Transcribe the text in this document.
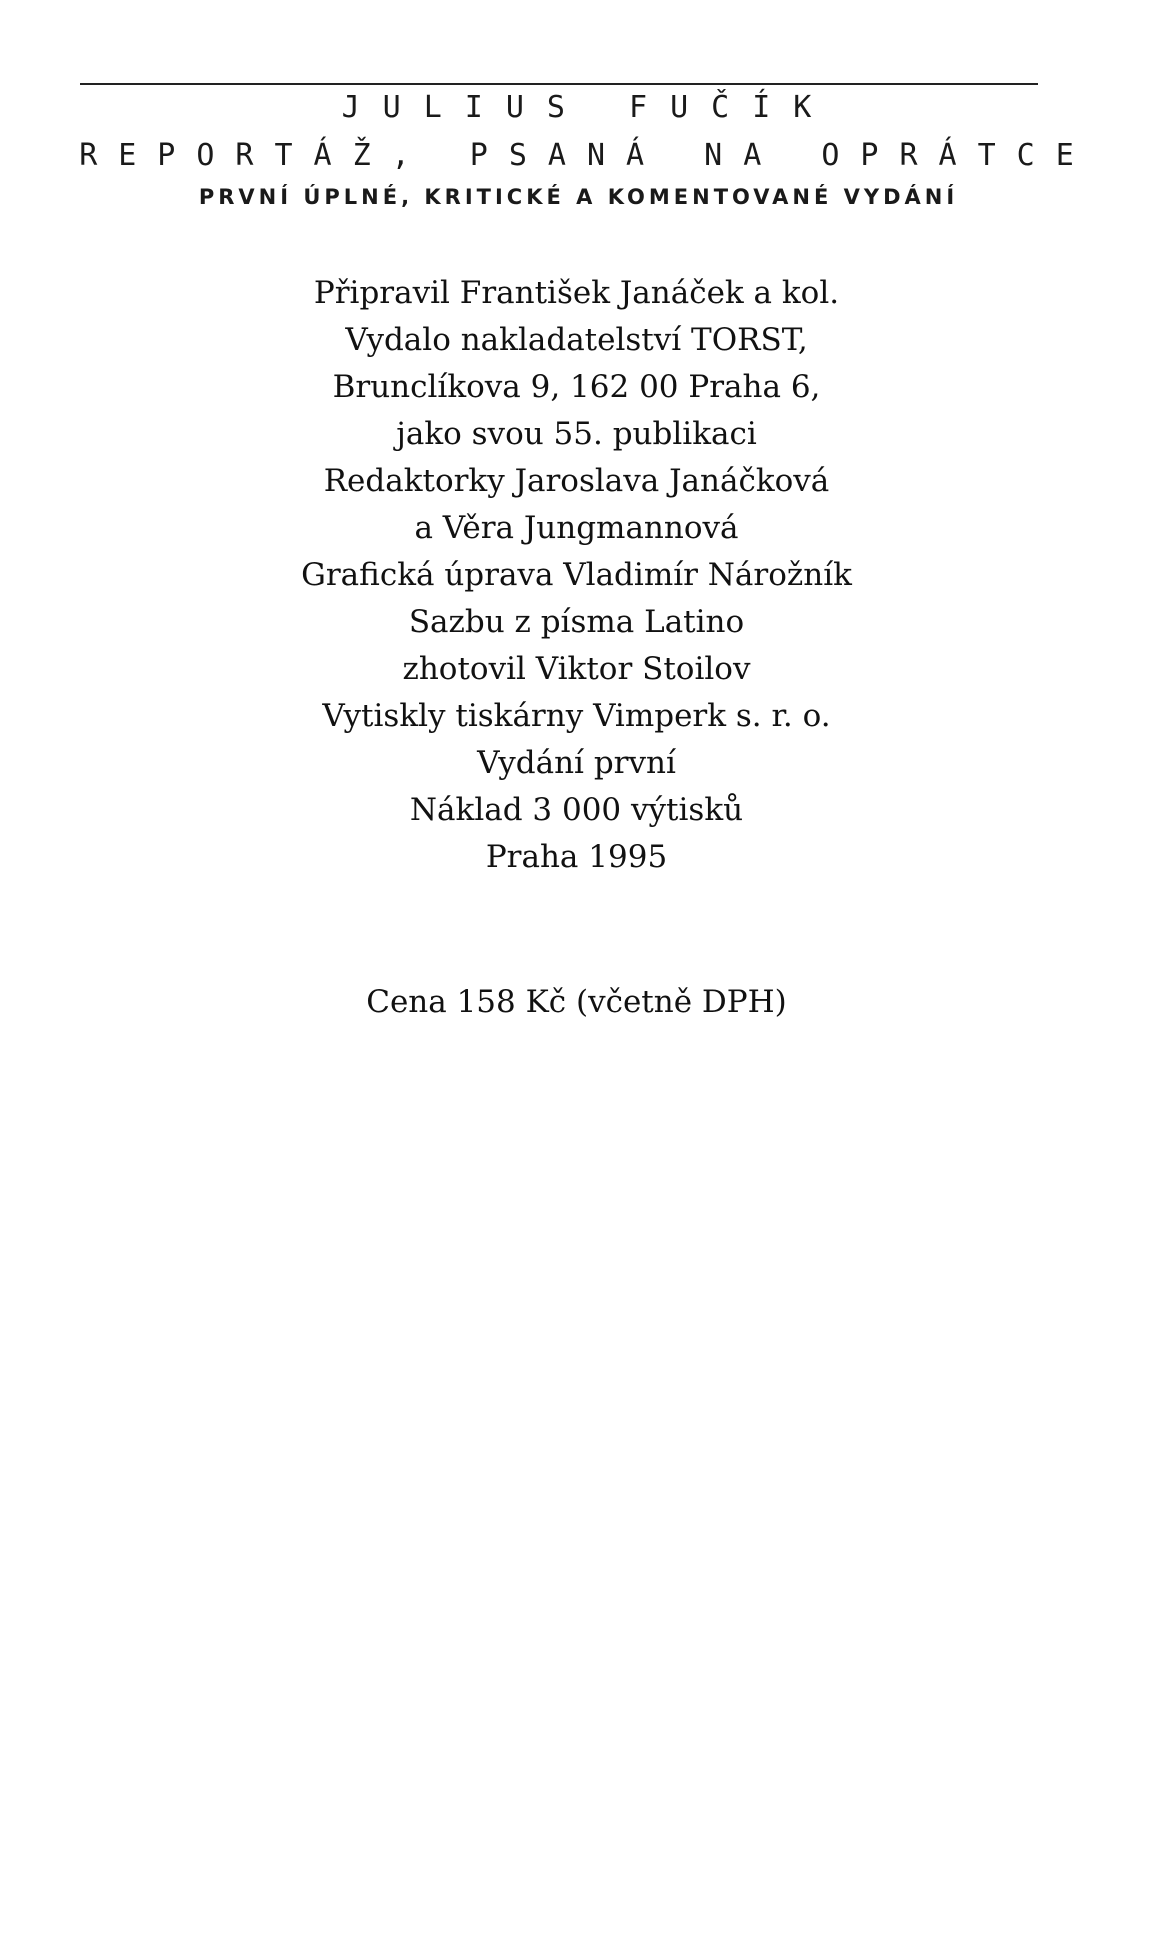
JULIUS FUČÍK
REPORTÁŽ, PSANÁ NA OPRÁTCE
PRVNÍ ÚPLNÉ, KRITICKÉ A KOMENTOVANÉ VYDÁNÍ
Připravil František Janáček a kol.
Vydalo nakladatelství TORST,
Brunclíkova 9, 162 00 Praha 6,
jako svou 55. publikaci
Redaktorky Jaroslava Janáčková
a Věra Jungmannová
Grafická úprava Vladimír Nárožník
Sazbu z písma Latino
zhotovil Viktor Stoilov
Vytiskly tiskárny Vimperk s. r. o.
Vydání první
Náklad 3 000 výtisků
Praha 1995
Cena 158 Kč (včetně DPH)
